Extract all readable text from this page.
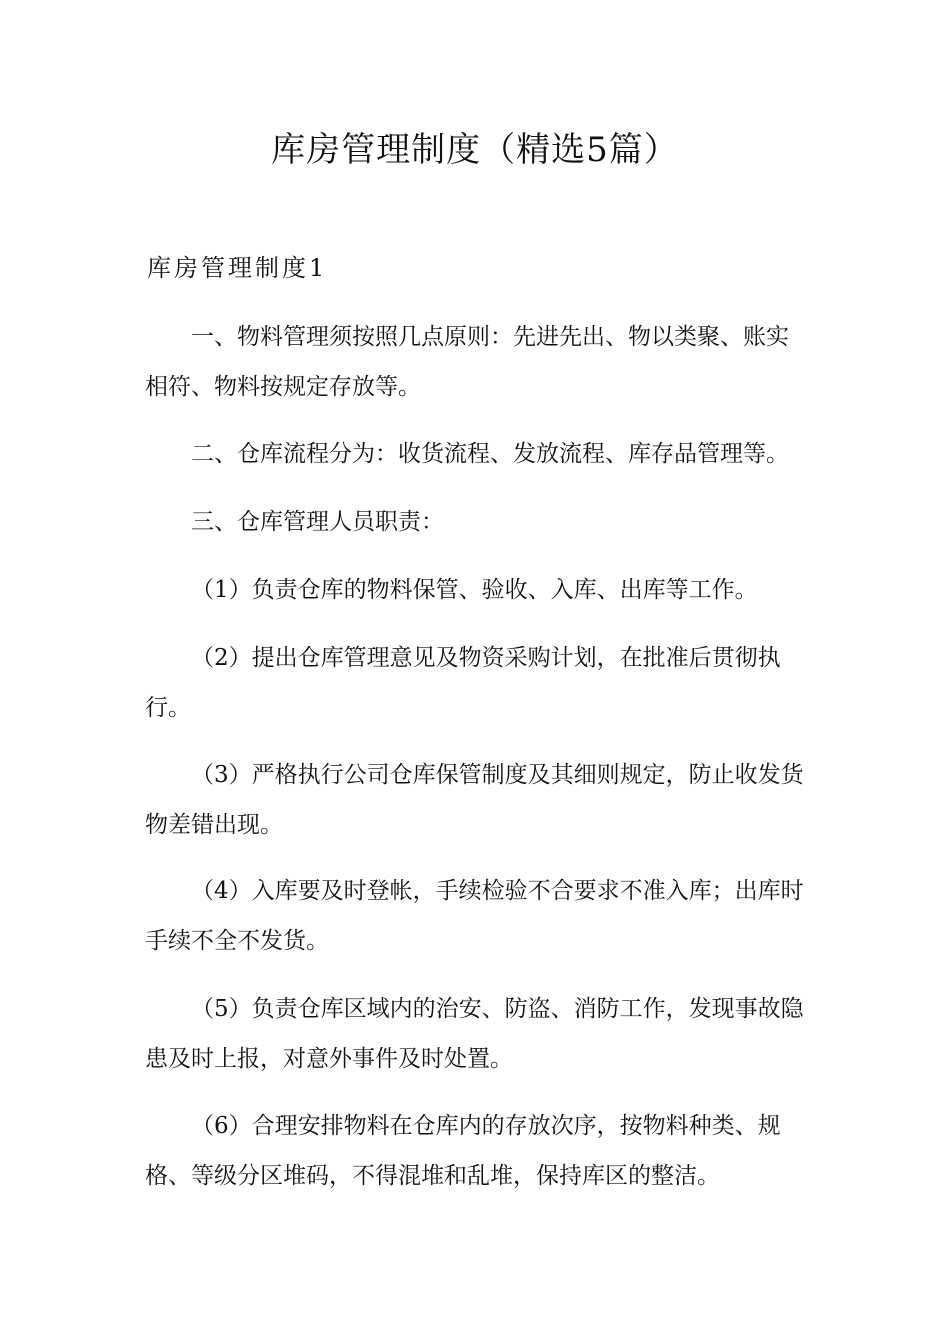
库房管理制度（精选5篇）
库房管理制度1

一、物料管理须按照几点原则：先进先出、物以类聚、账实相符、物料按规定存放等。

二、仓库流程分为：收货流程、发放流程、库存品管理等。

三、仓库管理人员职责：

（1）负责仓库的物料保管、验收、入库、出库等工作。

（2）提出仓库管理意见及物资采购计划，在批准后贯彻执行。

（3）严格执行公司仓库保管制度及其细则规定，防止收发货物差错出现。

（4）入库要及时登帐，手续检验不合要求不准入库；出库时手续不全不发货。

（5）负责仓库区域内的治安、防盗、消防工作，发现事故隐患及时上报，对意外事件及时处置。

（6）合理安排物料在仓库内的存放次序，按物料种类、规格、等级分区堆码，不得混堆和乱堆，保持库区的整洁。
